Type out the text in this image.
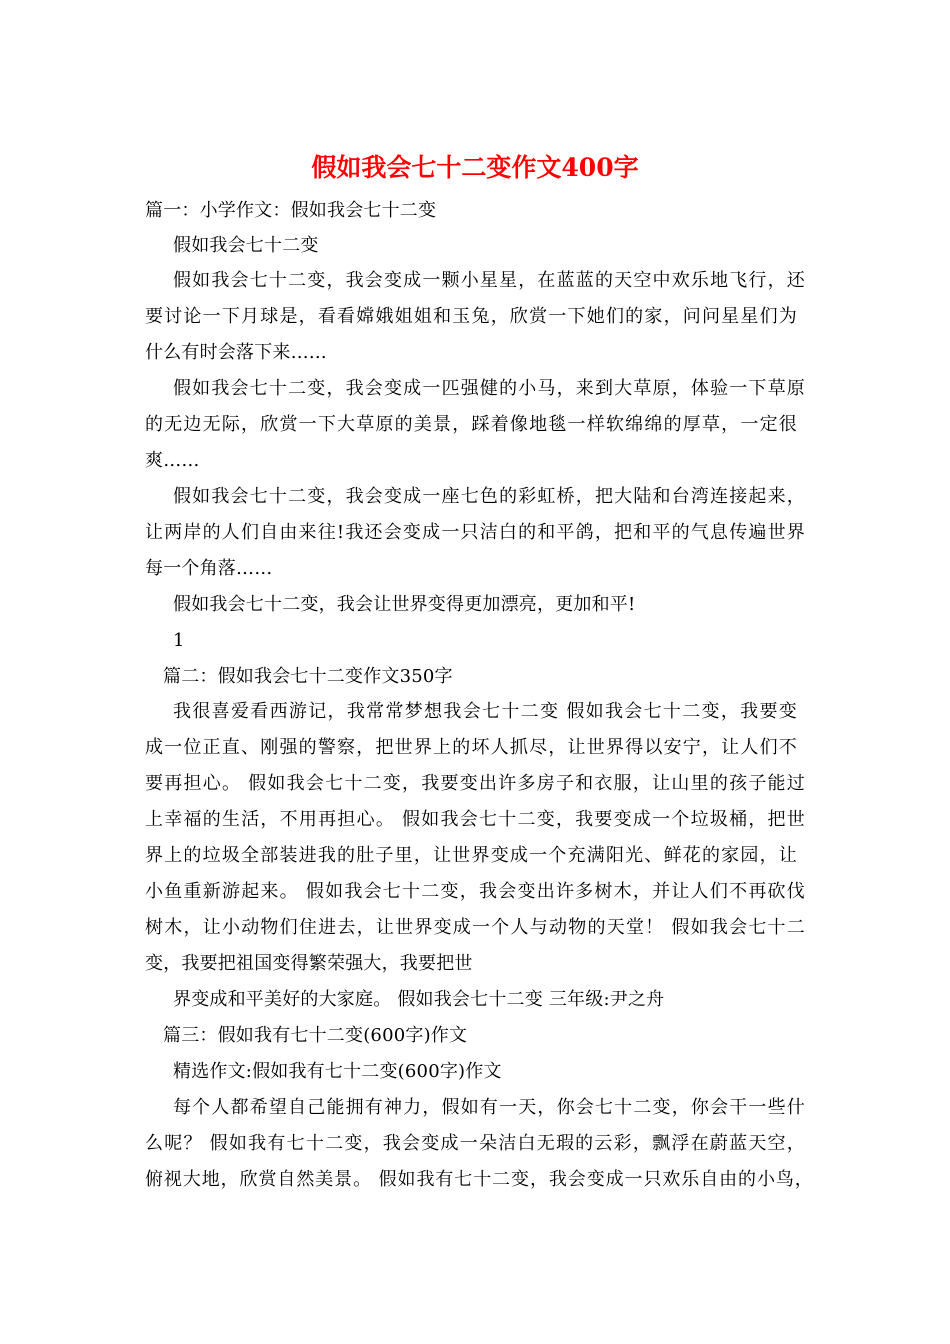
假如我会七十二变作文400字
篇一：小学作文：假如我会七十二变
假如我会七十二变
假如我会七十二变，我会变成一颗小星星，在蓝蓝的天空中欢乐地飞行，还
要讨论一下月球是，看看嫦娥姐姐和玉兔，欣赏一下她们的家，问问星星们为
什么有时会落下来……
假如我会七十二变，我会变成一匹强健的小马，来到大草原，体验一下草原
的无边无际，欣赏一下大草原的美景，踩着像地毯一样软绵绵的厚草，一定很
爽……
假如我会七十二变，我会变成一座七色的彩虹桥，把大陆和台湾连接起来，
让两岸的人们自由来往!我还会变成一只洁白的和平鸽，把和平的气息传遍世界
每一个角落……
假如我会七十二变，我会让世界变得更加漂亮，更加和平!
1
篇二：假如我会七十二变作文350字
我很喜爱看西游记，我常常梦想我会七十二变 假如我会七十二变，我要变
成一位正直、刚强的警察，把世界上的坏人抓尽，让世界得以安宁，让人们不
要再担心。 假如我会七十二变，我要变出许多房子和衣服，让山里的孩子能过
上幸福的生活，不用再担心。 假如我会七十二变，我要变成一个垃圾桶，把世
界上的垃圾全部装进我的肚子里，让世界变成一个充满阳光、鲜花的家园，让
小鱼重新游起来。 假如我会七十二变，我会变出许多树木，并让人们不再砍伐
树木，让小动物们住进去，让世界变成一个人与动物的天堂！ 假如我会七十二
变，我要把祖国变得繁荣强大，我要把世
界变成和平美好的大家庭。 假如我会七十二变 三年级:尹之舟
篇三：假如我有七十二变(600字)作文
精选作文:假如我有七十二变(600字)作文
每个人都希望自己能拥有神力，假如有一天，你会七十二变，你会干一些什
么呢？ 假如我有七十二变，我会变成一朵洁白无瑕的云彩，飘浮在蔚蓝天空，
俯视大地，欣赏自然美景。 假如我有七十二变，我会变成一只欢乐自由的小鸟，
